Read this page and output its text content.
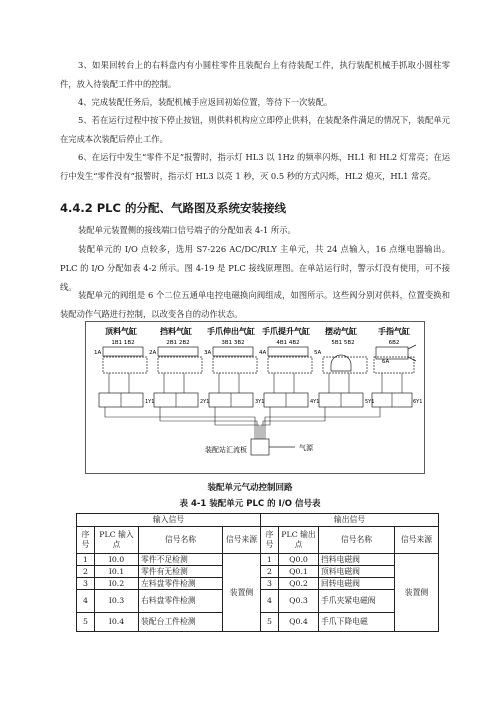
3、如果回转台上的右料盘内有小圆柱零件且装配台上有待装配工件，执行装配机械手抓取小圆柱零件，放入待装配工件中的控制。

4、完成装配任务后，装配机械手应返回初始位置，等待下一次装配。

5、若在运行过程中按下停止按钮，则供料机构应立即停止供料，在装配条件满足的情况下，装配单元在完成本次装配后停止工作。

6、在运行中发生“零件不足”报警时，指示灯 HL3 以 1Hz 的频率闪烁，HL1 和 HL2 灯常亮；在运行中发生“零件没有”报警时，指示灯 HL3 以亮 1 秒，灭 0.5 秒的方式闪烁，HL2 熄灭，HL1 常亮。

4.4.2 PLC 的分配、气路图及系统安装接线

装配单元装置侧的接线端口信号端子的分配如表 4-1 所示。

装配单元的 I/O 点较多，选用 S7-226 AC/DC/RLY 主单元，共 24 点输入，16 点继电器输出。PLC 的 I/O 分配如表 4-2 所示。图 4-19 是 PLC 接线原理图。在单站运行时，警示灯没有使用，可不接线。

装配单元的阀组是 6 个二位五通单电控电磁换向阀组成，如图所示。这些阀分别对供料，位置变换和装配动作气路进行控制，以改变各自的动作状态。

顶料气缸
1B1 1B2
1A
1Y1
挡料气缸
2B1 2B2
2A
2Y1
手爪伸出气缸
3B1 3B2
3A
3Y1
手爪提升气缸
4B1 4B2
4A
4Y1
摆动气缸
5B1 5B2
5A
5Y1
手指气缸
6B2
6A
6Y1
装配站汇流板	气源
装配单元气动控制回路
表 4-1 装配单元 PLC 的 I/O 信号表
输入信号				输出信号			
序号	PLC 输入点	信号名称	信号来源	序号	PLC 输出点	信号名称	信号来源
1	I0.0	零件不足检测	装置侧	1	Q0.0	挡料电磁阀	装置侧
2	I0.1	零件有无检测		2	Q0.1	顶料电磁阀	
3	I0.2	左料盘零件检测		3	Q0.2	回转电磁阀	
4	I0.3	右料盘零件检测		4	Q0.3	手爪夹紧电磁阀	
5	I0.4	装配台工件检测		5	Q0.4	手爪下降电磁	
